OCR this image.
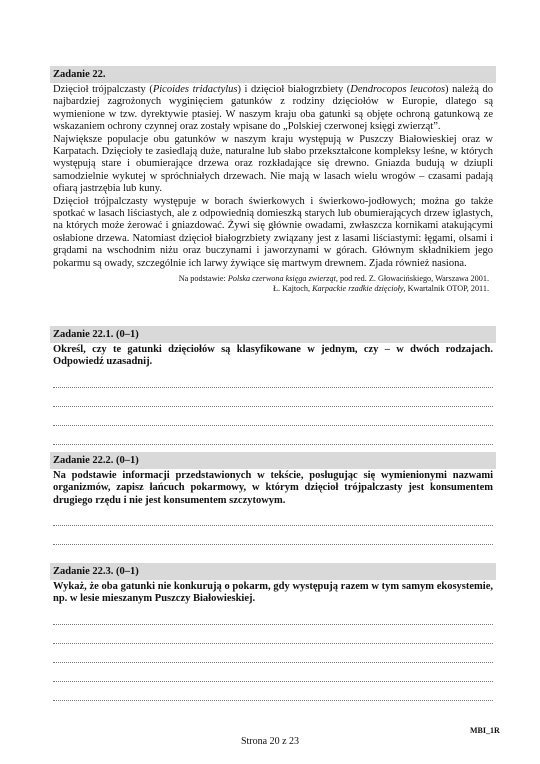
Zadanie 22.

Dzięcioł trójpalczasty (Picoides tridactylus) i dzięcioł białogrzbiety (Dendrocopos leucotos) należą do najbardziej zagrożonych wyginięciem gatunków z rodziny dzięciołów w Europie, dlatego są wymienione w tzw. dyrektywie ptasiej. W naszym kraju oba gatunki są objęte ochroną gatunkową ze wskazaniem ochrony czynnej oraz zostały wpisane do „Polskiej czerwonej księgi zwierząt”.

Największe populacje obu gatunków w naszym kraju występują w Puszczy Białowieskiej oraz w Karpatach. Dzięcioły te zasiedlają duże, naturalne lub słabo przekształcone kompleksy leśne, w których występują stare i obumierające drzewa oraz rozkładające się drewno. Gniazda budują w dziupli samodzielnie wykutej w spróchniałych drzewach. Nie mają w lasach wielu wrogów – czasami padają ofiarą jastrzębia lub kuny.

Dzięcioł trójpalczasty występuje w borach świerkowych i świerkowo-jodłowych; można go także spotkać w lasach liściastych, ale z odpowiednią domieszką starych lub obumierających drzew iglastych, na których może żerować i gniazdować. Żywi się głównie owadami, zwłaszcza kornikami atakującymi osłabione drzewa. Natomiast dzięcioł białogrzbiety związany jest z lasami liściastymi: łęgami, olsami i grądami na wschodnim niżu oraz buczynami i jaworzynami w górach. Głównym składnikiem jego pokarmu są owady, szczególnie ich larwy żywiące się martwym drewnem. Zjada również nasiona.

Na podstawie: Polska czerwona księga zwierząt, pod red. Z. Głowacińskiego, Warszawa 2001.
Ł. Kajtoch, Karpackie rzadkie dzięcioły, Kwartalnik OTOP, 2011.
Zadanie 22.1. (0–1)
Określ, czy te gatunki dzięciołów są klasyfikowane w jednym, czy – w dwóch rodzajach. Odpowiedź uzasadnij.
Zadanie 22.2. (0–1)
Na podstawie informacji przedstawionych w tekście, posługując się wymienionymi nazwami organizmów, zapisz łańcuch pokarmowy, w którym dzięcioł trójpalczasty jest konsumentem drugiego rzędu i nie jest konsumentem szczytowym.
Zadanie 22.3. (0–1)
Wykaż, że oba gatunki nie konkurują o pokarm, gdy występują razem w tym samym ekosystemie, np. w lesie mieszanym Puszczy Białowieskiej.
MBI_1R
Strona 20 z 23
